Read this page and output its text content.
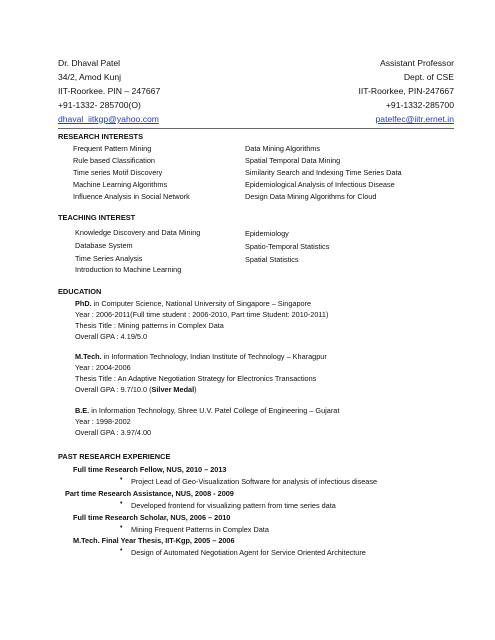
Dr. Dhaval Patel
34/2, Amod Kunj
IIT-Roorkee. PIN – 247667
+91-1332- 285700(O)
dhaval_iitkgp@yahoo.com
Assistant Professor
Dept. of CSE
IIT-Roorkee, PIN-247667
+91-1332-285700
patelfec@iitr.ernet.in
RESEARCH INTERESTS
Frequent Pattern Mining
Rule based Classification
Time series Motif Discovery
Machine Learning Algorithms
Influence Analysis in Social Network
Data Mining Algorithms
Spatial Temporal Data Mining
Similarity Search and Indexing Time Series Data
Epidemiological Analysis of Infectious Disease
Design Data Mining Algorithms for Cloud
TEACHING INTEREST
Knowledge Discovery and Data Mining
Database System
Time Series Analysis
Introduction to Machine Learning
Epidemiology
Spatio-Temporal Statistics
Spatial Statistics
EDUCATION
PhD. in Computer Science, National University of Singapore – Singapore
Year : 2006-2011(Full time student : 2006-2010, Part time Student: 2010-2011)
Thesis Title : Mining patterns in Complex Data
Overall GPA : 4.19/5.0
M.Tech. in Information Technology, Indian Institute of Technology – Kharagpur
Year : 2004-2006
Thesis Title : An Adaptive Negotiation Strategy for Electronics Transactions
Overall GPA : 9.7/10.0 (Silver Medal)
B.E. in Information Technology, Shree U.V. Patel College of Engineering – Gujarat
Year : 1998-2002
Overall GPA : 3.97/4.00
PAST RESEARCH EXPERIENCE
Full time Research Fellow, NUS, 2010 – 2013
• Project Lead of Geo-Visualization Software for analysis of infectious disease
Part time Research Assistance, NUS, 2008 - 2009
• Developed frontend for visualizing pattern from time series data
Full time Research Scholar, NUS, 2006 – 2010
• Mining Frequent Patterns in Complex Data
M.Tech. Final Year Thesis, IIT-Kgp, 2005 – 2006
• Design of Automated Negotiation Agent for Service Oriented Architecture
